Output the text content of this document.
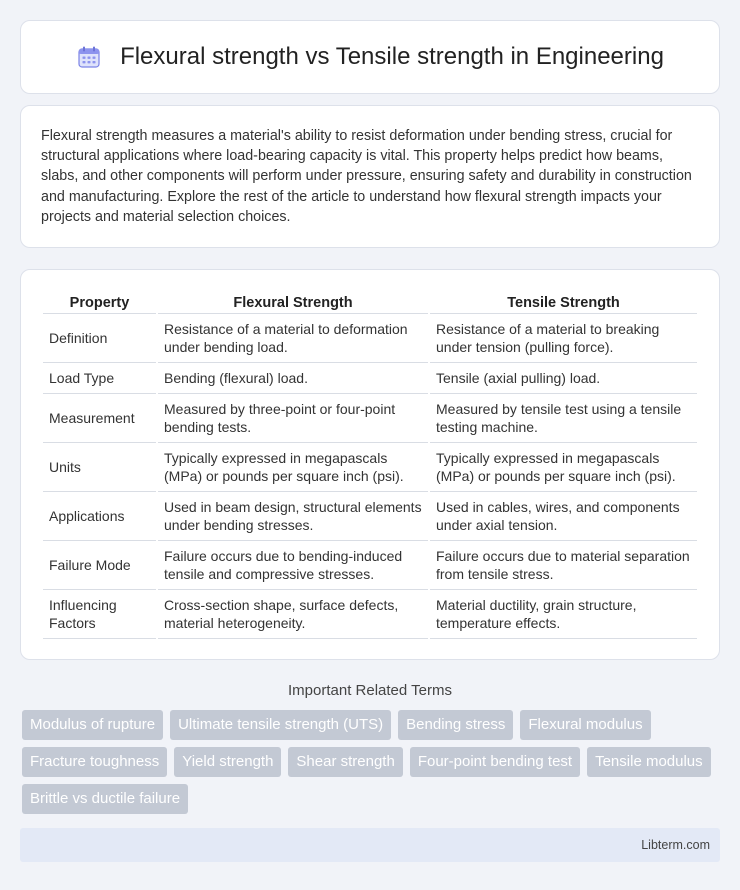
Flexural strength vs Tensile strength in Engineering

Flexural strength measures a material's ability to resist deformation under bending stress, crucial for structural applications where load-bearing capacity is vital. This property helps predict how beams, slabs, and other components will perform under pressure, ensuring safety and durability in construction and manufacturing. Explore the rest of the article to understand how flexural strength impacts your projects and material selection choices.

Property	Flexural Strength	Tensile Strength
Definition	Resistance of a material to deformation under bending load.	Resistance of a material to breaking under tension (pulling force).
Load Type	Bending (flexural) load.	Tensile (axial pulling) load.
Measurement	Measured by three-point or four-point bending tests.	Measured by tensile test using a tensile testing machine.
Units	Typically expressed in megapascals (MPa) or pounds per square inch (psi).	Typically expressed in megapascals (MPa) or pounds per square inch (psi).
Applications	Used in beam design, structural elements under bending stresses.	Used in cables, wires, and components under axial tension.
Failure Mode	Failure occurs due to bending-induced tensile and compressive stresses.	Failure occurs due to material separation from tensile stress.
Influencing Factors	Cross-section shape, surface defects, material heterogeneity.	Material ductility, grain structure, temperature effects.
Important Related Terms
Modulus of rupture	Ultimate tensile strength (UTS)	Bending stress	Flexural modulus
Fracture toughness	Yield strength	Shear strength	Four-point bending test	Tensile modulus
Brittle vs ductile failure
Libterm.com
